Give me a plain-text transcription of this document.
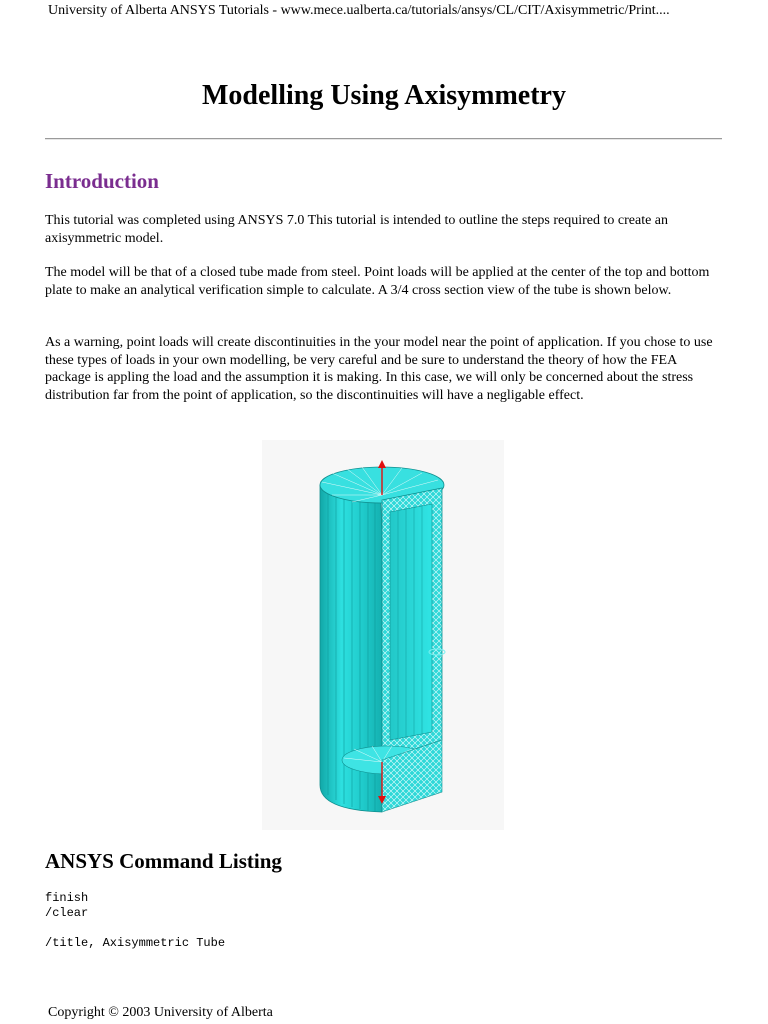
University of Alberta ANSYS Tutorials - www.mece.ualberta.ca/tutorials/ansys/CL/CIT/Axisymmetric/Print....
Modelling Using Axisymmetry
Introduction

This tutorial was completed using ANSYS 7.0 This tutorial is intended to outline the steps required to create an axisymmetric model.

The model will be that of a closed tube made from steel. Point loads will be applied at the center of the top and bottom plate to make an analytical verification simple to calculate. A 3/4 cross section view of the tube is shown below.

As a warning, point loads will create discontinuities in the your model near the point of application. If you chose to use these types of loads in your own modelling, be very careful and be sure to understand the theory of how the FEA package is appling the load and the assumption it is making. In this case, we will only be concerned about the stress distribution far from the point of application, so the discontinuities will have a negligable effect.

ANSYS Command Listing
finish
/clear
/title, Axisymmetric Tube
Copyright © 2003 University of Alberta
